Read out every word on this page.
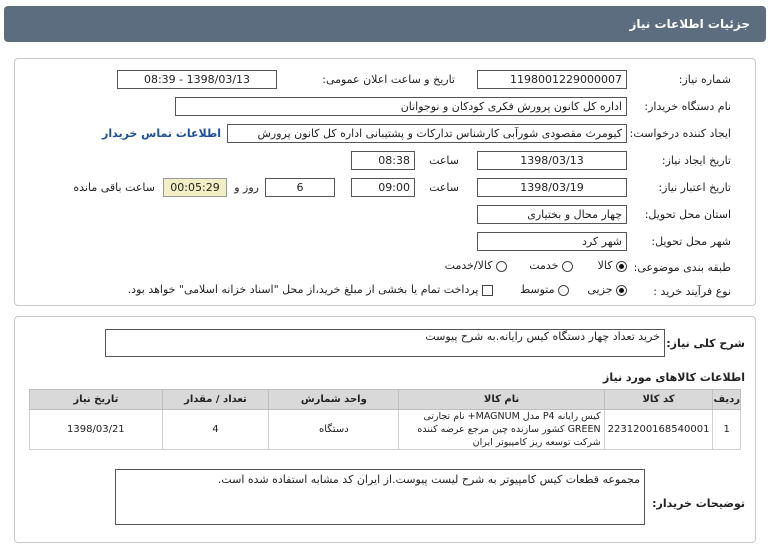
جزئیات اطلاعات نیاز
شماره نیاز:
1198001229000007
تاریخ و ساعت اعلان عمومی:
1398/03/13 - 08:39
نام دستگاه خریدار:
اداره کل کانون پرورش فکری کودکان و نوجوانان
ایجاد کننده درخواست:
کیومرث مقصودی شورآبی کارشناس تدارکات و پشتیبانی اداره کل کانون پرورش
اطلاعات تماس خریدار
تاریخ ایجاد نیاز:
1398/03/13
ساعت
08:38
تاریخ اعتبار نیاز:
1398/03/19
ساعت
09:00
6
روز و
00:05:29
ساعت باقی مانده
استان محل تحویل:
چهار محال و بختیاری
شهر محل تحویل:
شهر کرد
طبقه بندی موضوعی:
کالا
خدمت
کالا/خدمت
نوع فرآیند خرید :
جزیی
متوسط
پرداخت تمام یا بخشی از مبلغ خرید،از محل "اسناد خزانه اسلامی" خواهد بود.
شرح کلی نیاز:
خرید تعداد چهار دستگاه کیس رایانه.به شرح پیوست
اطلاعات کالاهای مورد نیاز
ردیف	کد کالا	نام کالا	واحد شمارش	تعداد / مقدار	تاریخ نیاز
1	2231200168540001	کیس رایانه P4 مدل MAGNUM+ نام تجارتی GREEN کشور سازنده چین مرجع عرضه کننده شرکت توسعه ریز کامپیوتر ایران	دستگاه	4	1398/03/21
توضیحات خریدار:
مجموعه قطعات کیس کامپیوتر به شرح لیست پیوست.از ایران کد مشابه استفاده شده است.
